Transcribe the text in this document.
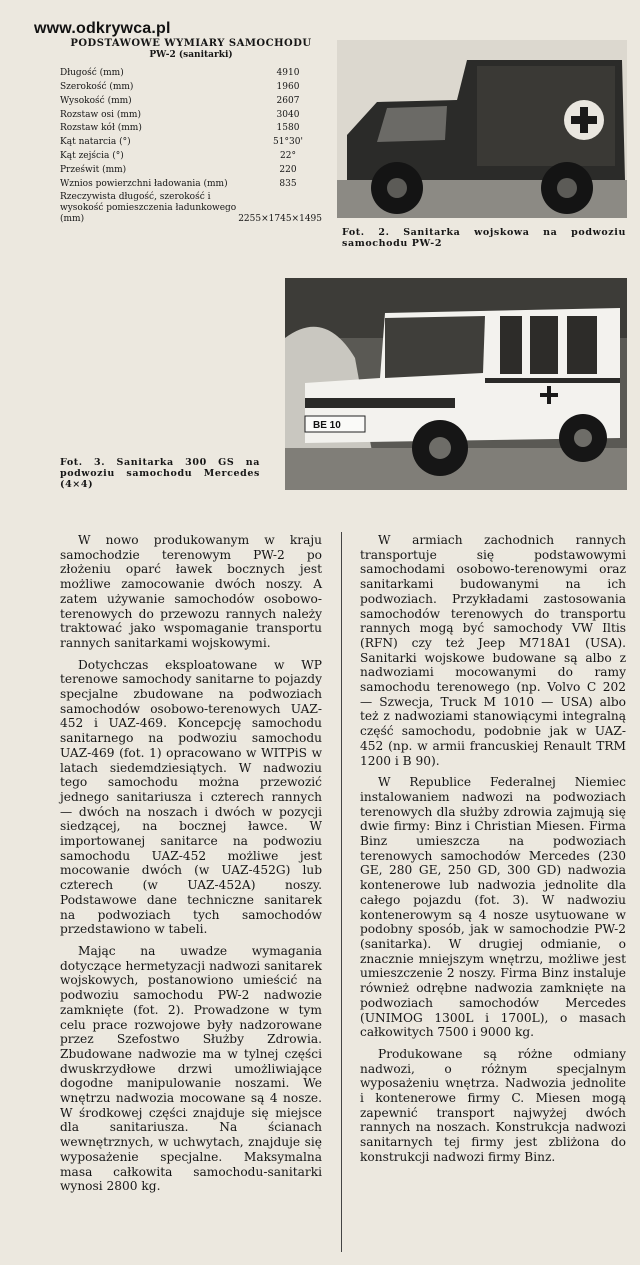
www.odkrywca.pl
PODSTAWOWE WYMIARY SAMOCHODU
PW-2 (sanitarki)
Długość (mm)	4910
Szerokość (mm)	1960
Wysokość (mm)	2607
Rozstaw osi (mm)	3040
Rozstaw kół (mm)	1580
Kąt natarcia (°)	51°30'
Kąt zejścia (°)	22°
Prześwit (mm)	220
Wznios powierzchni ładowania (mm)	835
Rzeczywista długość, szerokość i wysokość pomieszczenia ładunkowego (mm)	2255×1745×1495
Fot. 2. Sanitarka wojskowa na podwoziu samochodu PW-2
BE 10
Fot. 3. Sanitarka 300 GS na podwoziu samochodu Mercedes (4×4)

W nowo produkowanym w kraju samochodzie terenowym PW-2 po złożeniu oparć ławek bocznych jest możliwe zamocowanie dwóch noszy. A zatem używanie samochodów osobowo-terenowych do przewozu rannych należy traktować jako wspomaganie transportu rannych sanitarkami wojskowymi.

Dotychczas eksploatowane w WP terenowe samochody sanitarne to pojazdy specjalne zbudowane na podwoziach samochodów osobowo-terenowych UAZ-452 i UAZ-469. Koncepcję samochodu sanitarnego na podwoziu samochodu UAZ-469 (fot. 1) opracowano w WITPiS w latach siedemdziesiątych. W nadwoziu tego samochodu można przewozić jednego sanitariusza i czterech rannych — dwóch na noszach i dwóch w pozycji siedzącej, na bocznej ławce. W importowanej sanitarce na podwoziu samochodu UAZ-452 możliwe jest mocowanie dwóch (w UAZ-452G) lub czterech (w UAZ-452A) noszy. Podstawowe dane techniczne sanitarek na podwoziach tych samochodów przedstawiono w tabeli.

Mając na uwadze wymagania dotyczące hermetyzacji nadwozi sanitarek wojskowych, postanowiono umieścić na podwoziu samochodu PW-2 nadwozie zamknięte (fot. 2). Prowadzone w tym celu prace rozwojowe były nadzorowane przez Szefostwo Służby Zdrowia. Zbudowane nadwozie ma w tylnej części dwuskrzydłowe drzwi umożliwiające dogodne manipulowanie noszami. We wnętrzu nadwozia mocowane są 4 nosze. W środkowej części znajduje się miejsce dla sanitariusza. Na ścianach wewnętrznych, w uchwytach, znajduje się wyposażenie specjalne. Maksymalna masa całkowita samochodu-sanitarki wynosi 2800 kg.

W armiach zachodnich rannych transportuje się podstawowymi samochodami osobowo-terenowymi oraz sanitarkami budowanymi na ich podwoziach. Przykładami zastosowania samochodów terenowych do transportu rannych mogą być samochody VW Iltis (RFN) czy też Jeep M718A1 (USA). Sanitarki wojskowe budowane są albo z nadwoziami mocowanymi do ramy samochodu terenowego (np. Volvo C 202 — Szwecja, Truck M 1010 — USA) albo też z nadwoziami stanowiącymi integralną część samochodu, podobnie jak w UAZ-452 (np. w armii francuskiej Renault TRM 1200 i B 90).

W Republice Federalnej Niemiec instalowaniem nadwozi na podwoziach terenowych dla służby zdrowia zajmują się dwie firmy: Binz i Christian Miesen. Firma Binz umieszcza na podwoziach terenowych samochodów Mercedes (230 GE, 280 GE, 250 GD, 300 GD) nadwozia kontenerowe lub nadwozia jednolite dla całego pojazdu (fot. 3). W nadwoziu kontenerowym są 4 nosze usytuowane w podobny sposób, jak w samochodzie PW-2 (sanitarka). W drugiej odmianie, o znacznie mniejszym wnętrzu, możliwe jest umieszczenie 2 noszy. Firma Binz instaluje również odrębne nadwozia zamknięte na podwoziach samochodów Mercedes (UNIMOG 1300L i 1700L), o masach całkowitych 7500 i 9000 kg.

Produkowane są różne odmiany nadwozi, o różnym specjalnym wyposażeniu wnętrza. Nadwozia jednolite i kontenerowe firmy C. Miesen mogą zapewnić transport najwyżej dwóch rannych na noszach. Konstrukcja nadwozi sanitarnych tej firmy jest zbliżona do konstrukcji nadwozi firmy Binz.
